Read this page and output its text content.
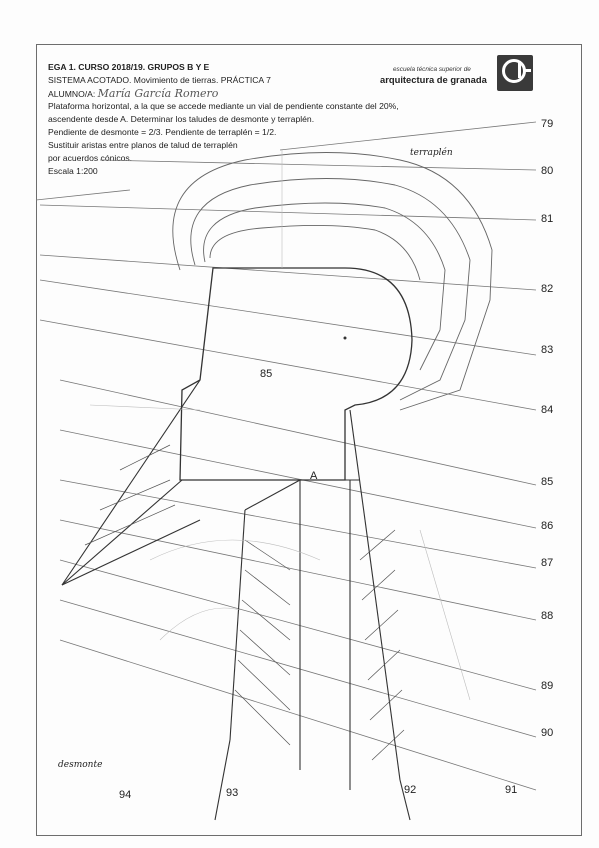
EGA 1. CURSO 2018/19. GRUPOS B Y E
SISTEMA ACOTADO. Movimiento de tierras. PRÁCTICA 7
ALUMNO/A: María García Romero
Plataforma horizontal, a la que se accede mediante un vial de pendiente constante del 20%,
ascendente desde A. Determinar los taludes de desmonte y terraplén.
Pendiente de desmonte = 2/3. Pendiente de terraplén = 1/2.
Sustituir aristas entre planos de talud de terraplén
por acuerdos cónicos.
Escala 1:200
escuela técnica superior de
arquitectura de granada
terraplén
desmonte
85
A
79
80
81
82
83
84
85
86
87
88
89
90
91
94	93	92
